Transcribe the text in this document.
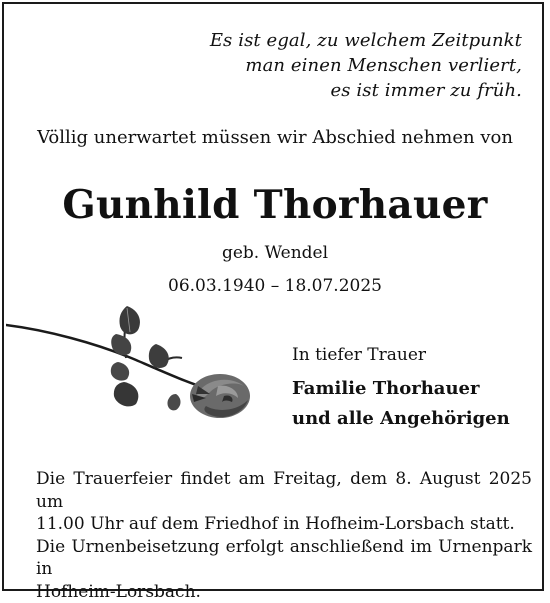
Es ist egal, zu welchem Zeitpunkt
man einen Menschen verliert,
es ist immer zu früh.
Völlig unerwartet müssen wir Abschied nehmen von
Gunhild Thorhauer
geb. Wendel
06.03.1940 – 18.07.2025
In tiefer Trauer
Familie Thorhauer
und alle Angehörigen
Die Trauerfeier findet am Freitag, dem 8. August 2025 um
11.00 Uhr auf dem Friedhof in Hofheim-Lorsbach statt.
Die Urnenbeisetzung erfolgt anschließend im Urnenpark in
Hofheim-Lorsbach.
